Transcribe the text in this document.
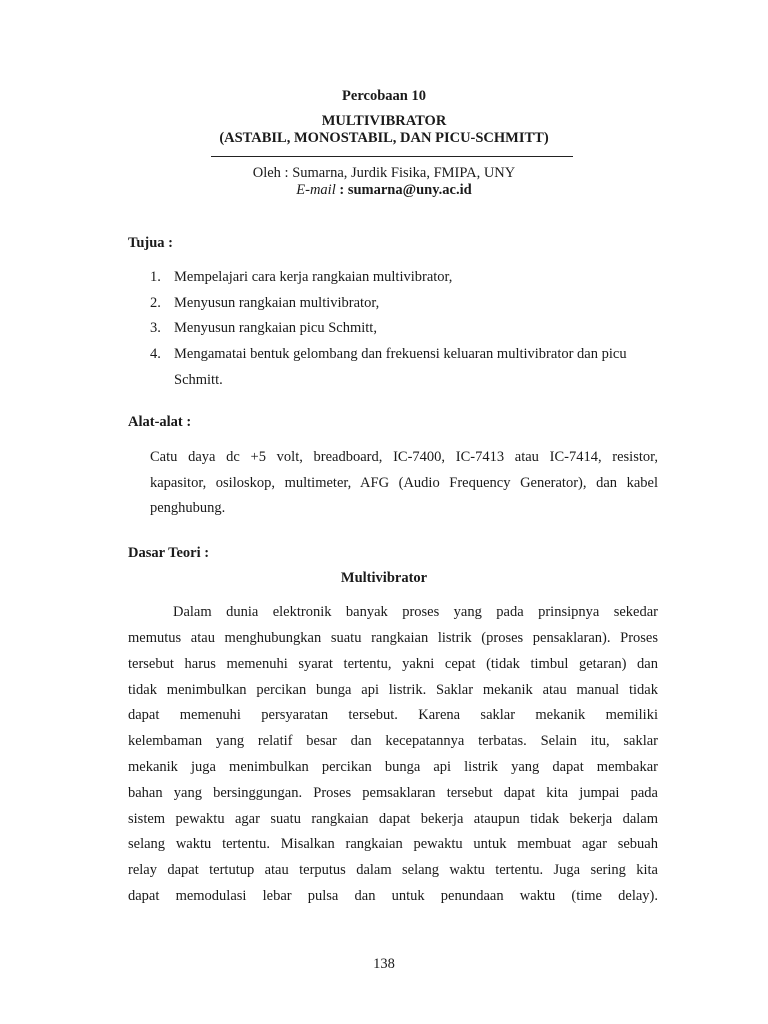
Percobaan 10
MULTIVIBRATOR
(ASTABIL, MONOSTABIL, DAN PICU-SCHMITT)
Oleh : Sumarna, Jurdik Fisika, FMIPA, UNY
E-mail : sumarna@uny.ac.id
Tujua :
1. Mempelajari cara kerja rangkaian multivibrator,
2. Menyusun rangkaian multivibrator,
3. Menyusun rangkaian picu Schmitt,
4. Mengamatai bentuk gelombang dan frekuensi keluaran multivibrator dan picu
Schmitt.
Alat-alat :
Catu daya dc +5 volt, breadboard, IC-7400, IC-7413 atau IC-7414, resistor,
kapasitor, osiloskop, multimeter, AFG (Audio Frequency Generator), dan kabel
penghubung.
Dasar Teori :
Multivibrator
Dalam dunia elektronik banyak proses yang pada prinsipnya sekedar
memutus atau menghubungkan suatu rangkaian listrik (proses pensaklaran). Proses
tersebut harus memenuhi syarat tertentu, yakni cepat (tidak timbul getaran) dan
tidak menimbulkan percikan bunga api listrik. Saklar mekanik atau manual tidak
dapat memenuhi persyaratan tersebut. Karena saklar mekanik memiliki
kelembaman yang relatif besar dan kecepatannya terbatas. Selain itu, saklar
mekanik juga menimbulkan percikan bunga api listrik yang dapat membakar
bahan yang bersinggungan. Proses pemsaklaran tersebut dapat kita jumpai pada
sistem pewaktu agar suatu rangkaian dapat bekerja ataupun tidak bekerja dalam
selang waktu tertentu. Misalkan rangkaian pewaktu untuk membuat agar sebuah
relay dapat tertutup atau terputus dalam selang waktu tertentu. Juga sering kita
dapat memodulasi lebar pulsa dan untuk penundaan waktu (time delay).
138
